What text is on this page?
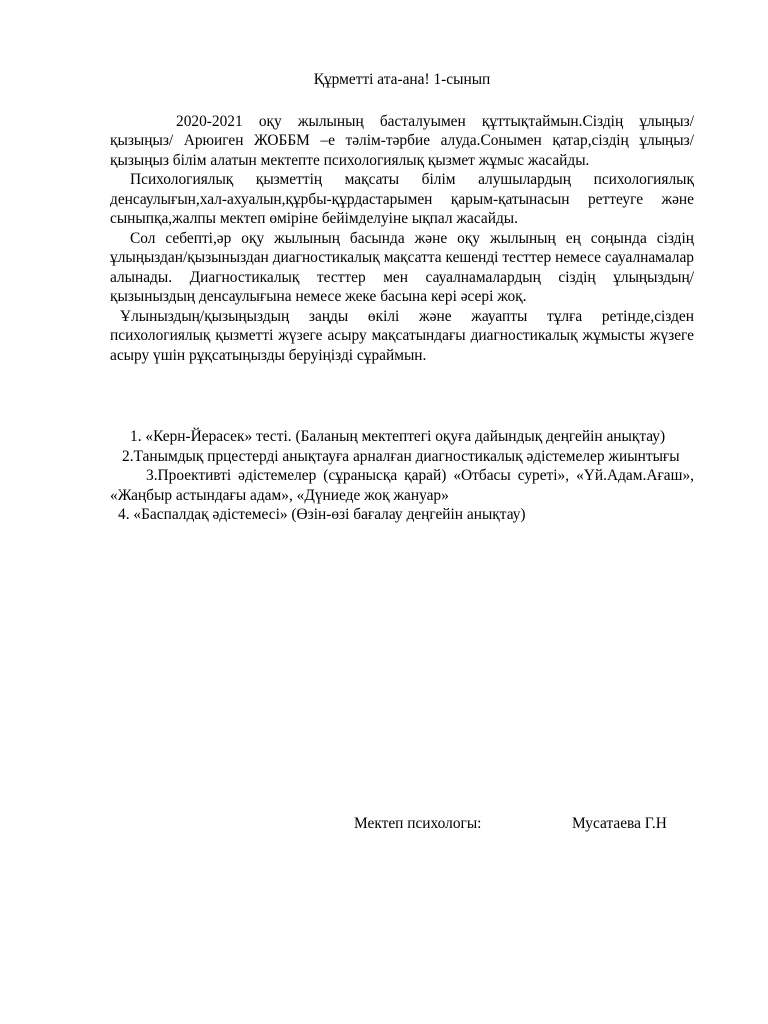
Құрметті ата-ана! 1-сынып

2020-2021 оқу жылының басталуымен құттықтаймын.Сіздің ұлыңыз/қызыңыз/ Арюиген ЖОББМ –е тәлім-тәрбие алуда.Сонымен қатар,сіздің ұлыңыз/қызыңыз білім алатын мектепте психологиялық қызмет жұмыс жасайды.

Психологиялық қызметтің мақсаты білім алушылардың психологиялық денсаулығын,хал-ахуалын,құрбы-құрдастарымен қарым-қатынасын реттеуге және сыныпқа,жалпы мектеп өміріне бейімделуіне ықпал жасайды.

Сол себепті,әр оқу жылының басында және оқу жылының ең соңында сіздің ұлыңыздан/қызыныздан диагностикалық мақсатта кешенді тесттер немесе сауалнамалар алынады. Диагностикалық тесттер мен сауалнамалардың сіздің ұлыңыздың/қызыныздың денсаулығына немесе жеке басына кері әсері жоқ.

Ұлыныздың/қызыңыздың заңды өкілі және жауапты тұлға ретінде,сізден психологиялық қызметті жүзеге асыру мақсатындағы диагностикалық жұмысты жүзеге асыру үшін рұқсатыңызды беруіңізді сұраймын.

1. «Керн-Йерасек» тесті. (Баланың мектептегі оқуға дайындық деңгейін анықтау)

2.Танымдық прцестерді анықтауға арналған диагностикалық әдістемелер жиынтығы

3.Проективті әдістемелер (сұранысқа қарай) «Отбасы суреті», «Үй.Адам.Ағаш», «Жаңбыр астындағы адам», «Дүниеде жоқ жануар»

4. «Баспалдақ әдістемесі» (Өзін-өзі бағалау деңгейін анықтау)

Мектеп психологы:	Мусатаева Г.Н
